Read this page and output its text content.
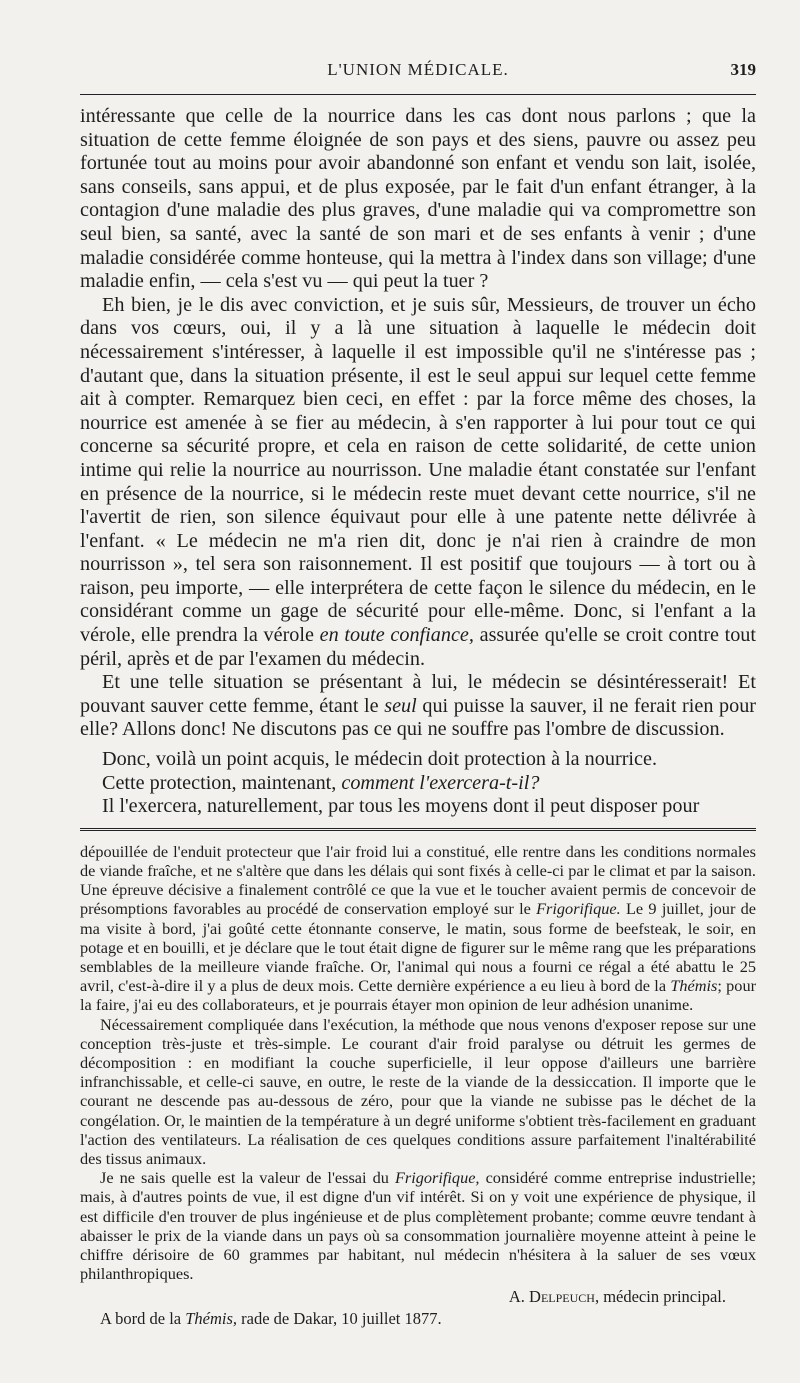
L'UNION MÉDICALE.	319

intéressante que celle de la nourrice dans les cas dont nous parlons ; que la situation de cette femme éloignée de son pays et des siens, pauvre ou assez peu fortunée tout au moins pour avoir abandonné son enfant et vendu son lait, isolée, sans conseils, sans appui, et de plus exposée, par le fait d'un enfant étranger, à la contagion d'une maladie des plus graves, d'une maladie qui va compromettre son seul bien, sa santé, avec la santé de son mari et de ses enfants à venir ; d'une maladie considérée comme honteuse, qui la mettra à l'index dans son village; d'une maladie enfin, — cela s'est vu — qui peut la tuer ?

Eh bien, je le dis avec conviction, et je suis sûr, Messieurs, de trouver un écho dans vos cœurs, oui, il y a là une situation à laquelle le médecin doit nécessairement s'intéresser, à laquelle il est impossible qu'il ne s'intéresse pas ; d'autant que, dans la situation présente, il est le seul appui sur lequel cette femme ait à compter. Remarquez bien ceci, en effet : par la force même des choses, la nourrice est amenée à se fier au médecin, à s'en rapporter à lui pour tout ce qui concerne sa sécurité propre, et cela en raison de cette solidarité, de cette union intime qui relie la nourrice au nourrisson. Une maladie étant constatée sur l'enfant en présence de la nourrice, si le médecin reste muet devant cette nourrice, s'il ne l'avertit de rien, son silence équivaut pour elle à une patente nette délivrée à l'enfant. « Le médecin ne m'a rien dit, donc je n'ai rien à craindre de mon nourrisson », tel sera son raisonnement. Il est positif que toujours — à tort ou à raison, peu importe, — elle interprétera de cette façon le silence du médecin, en le considérant comme un gage de sécurité pour elle-même. Donc, si l'enfant a la vérole, elle prendra la vérole en toute confiance, assurée qu'elle se croit contre tout péril, après et de par l'examen du médecin.

Et une telle situation se présentant à lui, le médecin se désintéresserait! Et pouvant sauver cette femme, étant le seul qui puisse la sauver, il ne ferait rien pour elle? Allons donc! Ne discutons pas ce qui ne souffre pas l'ombre de discussion.

Donc, voilà un point acquis, le médecin doit protection à la nourrice.

Cette protection, maintenant, comment l'exercera-t-il?

Il l'exercera, naturellement, par tous les moyens dont il peut disposer pour

dépouillée de l'enduit protecteur que l'air froid lui a constitué, elle rentre dans les conditions normales de viande fraîche, et ne s'altère que dans les délais qui sont fixés à celle-ci par le climat et par la saison. Une épreuve décisive a finalement contrôlé ce que la vue et le toucher avaient permis de concevoir de présomptions favorables au procédé de conservation employé sur le Frigorifique. Le 9 juillet, jour de ma visite à bord, j'ai goûté cette étonnante conserve, le matin, sous forme de beefsteak, le soir, en potage et en bouilli, et je déclare que le tout était digne de figurer sur le même rang que les préparations semblables de la meilleure viande fraîche. Or, l'animal qui nous a fourni ce régal a été abattu le 25 avril, c'est-à-dire il y a plus de deux mois. Cette dernière expérience a eu lieu à bord de la Thémis; pour la faire, j'ai eu des collaborateurs, et je pourrais étayer mon opinion de leur adhésion unanime.

Nécessairement compliquée dans l'exécution, la méthode que nous venons d'exposer repose sur une conception très-juste et très-simple. Le courant d'air froid paralyse ou détruit les germes de décomposition : en modifiant la couche superficielle, il leur oppose d'ailleurs une barrière infranchissable, et celle-ci sauve, en outre, le reste de la viande de la dessiccation. Il importe que le courant ne descende pas au-dessous de zéro, pour que la viande ne subisse pas le déchet de la congélation. Or, le maintien de la température à un degré uniforme s'obtient très-facilement en graduant l'action des ventilateurs. La réalisation de ces quelques conditions assure parfaitement l'inaltérabilité des tissus animaux.

Je ne sais quelle est la valeur de l'essai du Frigorifique, considéré comme entreprise industrielle; mais, à d'autres points de vue, il est digne d'un vif intérêt. Si on y voit une expérience de physique, il est difficile d'en trouver de plus ingénieuse et de plus complètement probante; comme œuvre tendant à abaisser le prix de la viande dans un pays où sa consommation journalière moyenne atteint à peine le chiffre dérisoire de 60 grammes par habitant, nul médecin n'hésitera à la saluer de ses vœux philanthropiques.

A. Delpeuch, médecin principal.
A bord de la Thémis, rade de Dakar, 10 juillet 1877.
